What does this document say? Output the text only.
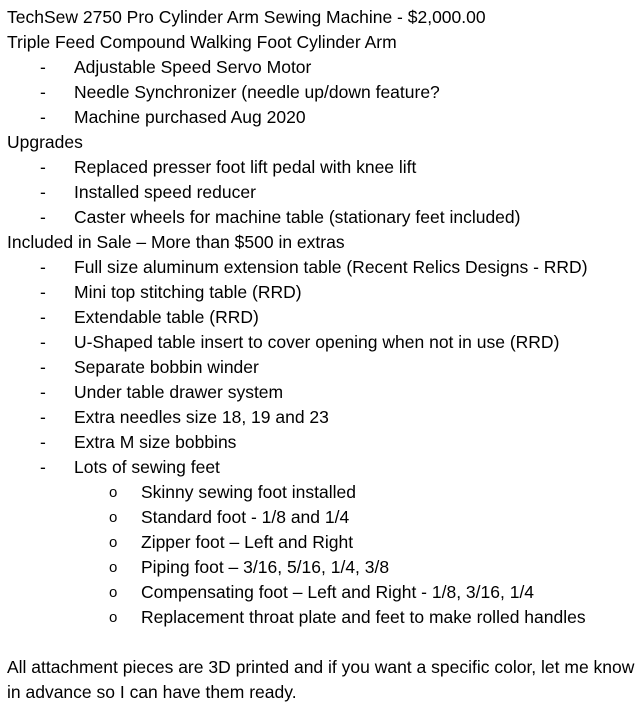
TechSew 2750 Pro Cylinder Arm Sewing Machine - $2,000.00
Triple Feed Compound Walking Foot Cylinder Arm
- Adjustable Speed Servo Motor
- Needle Synchronizer (needle up/down feature?
- Machine purchased Aug 2020
Upgrades
- Replaced presser foot lift pedal with knee lift
- Installed speed reducer
- Caster wheels for machine table (stationary feet included)
Included in Sale – More than $500 in extras
- Full size aluminum extension table (Recent Relics Designs - RRD)
- Mini top stitching table (RRD)
- Extendable table (RRD)
- U-Shaped table insert to cover opening when not in use (RRD)
- Separate bobbin winder
- Under table drawer system
- Extra needles size 18, 19 and 23
- Extra M size bobbins
- Lots of sewing feet
o Skinny sewing foot installed
o Standard foot - 1/8 and 1/4
o Zipper foot – Left and Right
o Piping foot – 3/16, 5/16, 1/4, 3/8
o Compensating foot – Left and Right - 1/8, 3/16, 1/4
o Replacement throat plate and feet to make rolled handles
All attachment pieces are 3D printed and if you want a specific color, let me know in advance so I can have them ready.
